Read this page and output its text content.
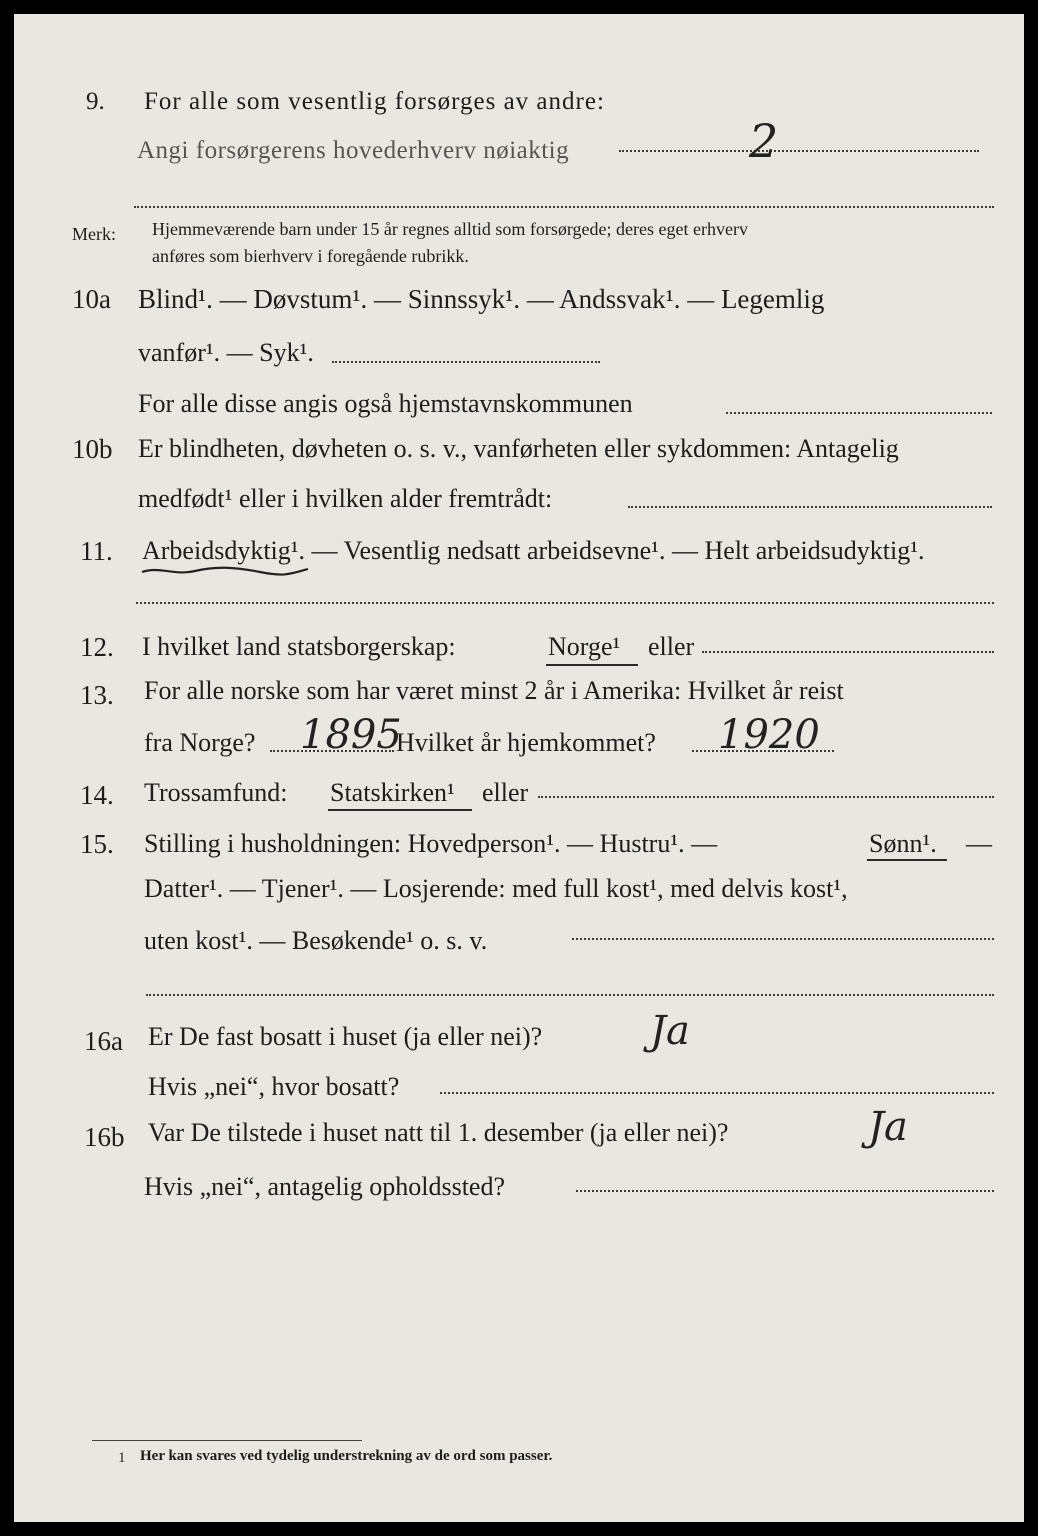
9. For alle som vesentlig forsørges av andre:
Angi forsørgerens hovederhverv nøiaktig	2
Merk: Hjemmeværende barn under 15 år regnes alltid som forsørgede; deres eget erhverv
anføres som bierhverv i foregående rubrikk.
10a Blind¹. — Døvstum¹. — Sinnssyk¹. — Andssvak¹. — Legemlig
vanfør¹. — Syk¹.
For alle disse angis også hjemstavnskommunen
10b Er blindheten, døvheten o. s. v., vanførheten eller sykdommen: Antagelig
medfødt¹ eller i hvilken alder fremtrådt:
11. Arbeidsdyktig¹. — Vesentlig nedsatt arbeidsevne¹. — Helt arbeidsudyktig¹.
12. I hvilket land statsborgerskap:	Norge¹ eller
13. For alle norske som har været minst 2 år i Amerika: Hvilket år reist
fra Norge? 1895
Hvilket år hjemkommet? 1920
14. Trossamfund: Statskirken¹ eller
15. Stilling i husholdningen: Hovedperson¹. — Hustru¹. —	Sønn¹. —
Datter¹. — Tjener¹. — Losjerende: med full kost¹, med delvis kost¹,
uten kost¹. — Besøkende¹ o. s. v.
16a Er De fast bosatt i huset (ja eller nei)?	Ja
Hvis „nei“, hvor bosatt?
16b Var De tilstede i huset natt til 1. desember (ja eller nei)?	Ja
Hvis „nei“, antagelig opholdssted?
1 Her kan svares ved tydelig understrekning av de ord som passer.
